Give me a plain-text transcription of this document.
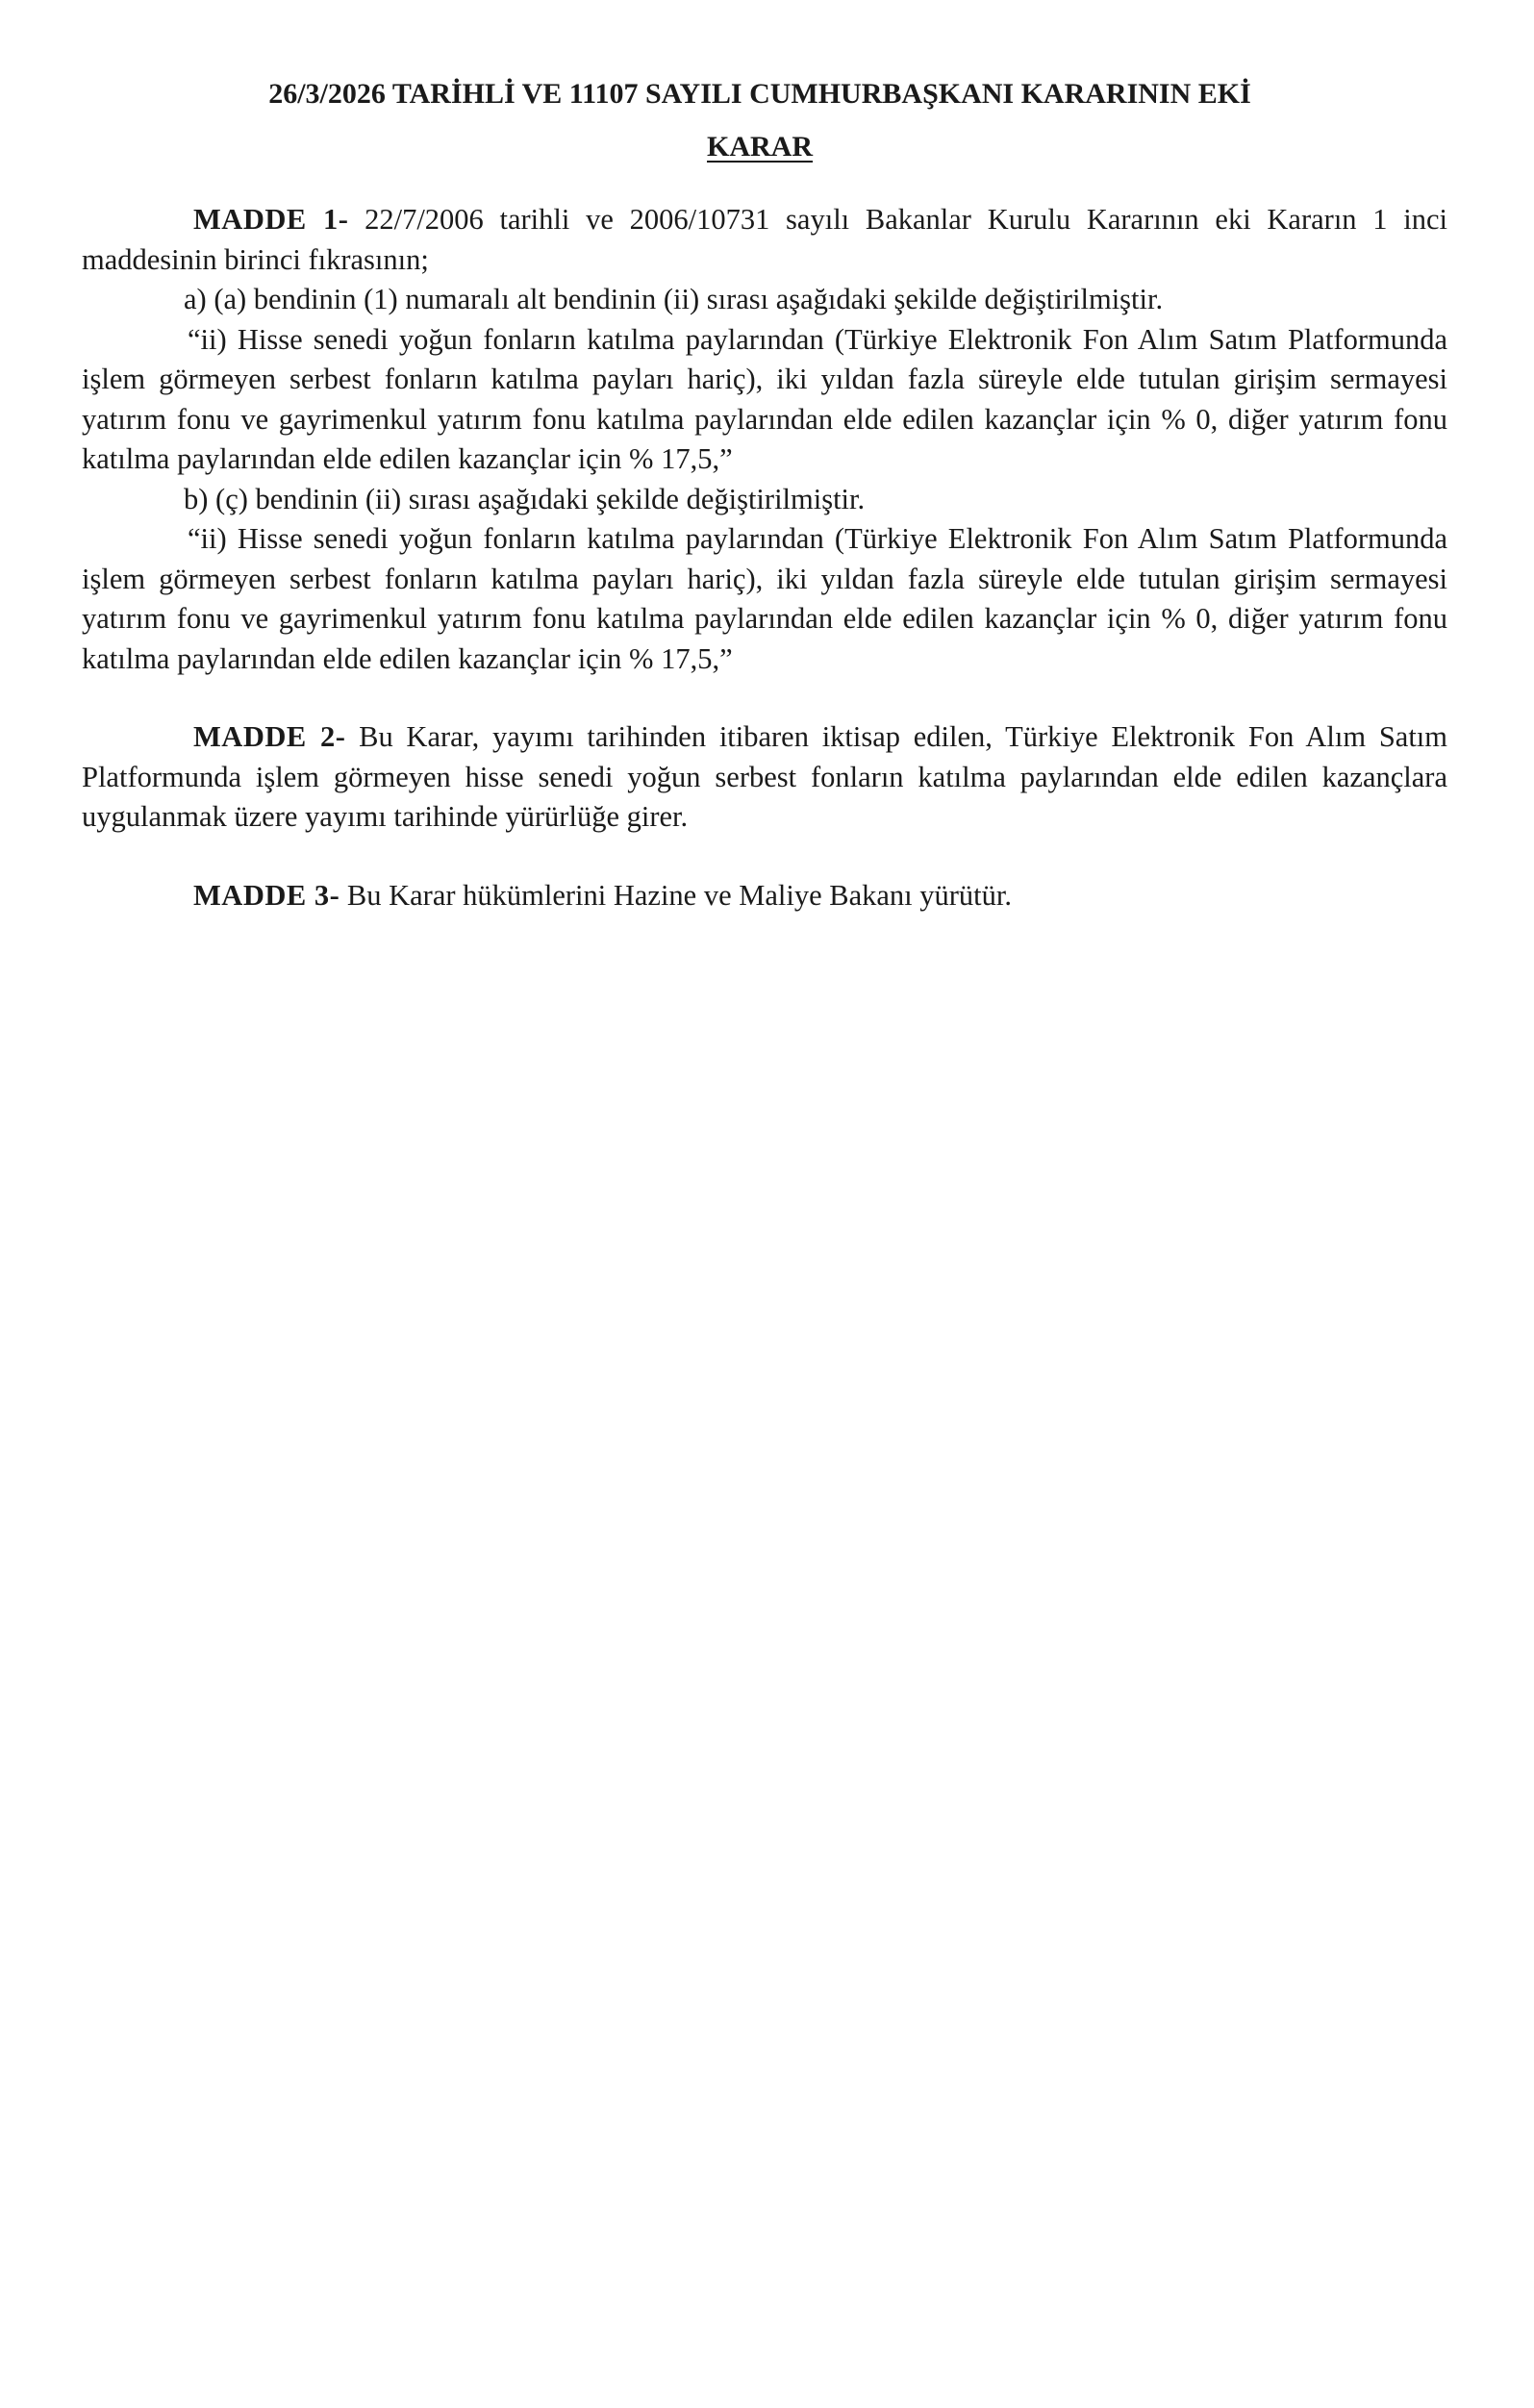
26/3/2026 TARİHLİ VE 11107 SAYILI CUMHURBAŞKANI KARARININ EKİ
KARAR

MADDE 1- 22/7/2006 tarihli ve 2006/10731 sayılı Bakanlar Kurulu Kararının eki Kararın 1 inci maddesinin birinci fıkrasının;

a) (a) bendinin (1) numaralı alt bendinin (ii) sırası aşağıdaki şekilde değiştirilmiştir.

“ii) Hisse senedi yoğun fonların katılma paylarından (Türkiye Elektronik Fon Alım Satım Platformunda işlem görmeyen serbest fonların katılma payları hariç), iki yıldan fazla süreyle elde tutulan girişim sermayesi yatırım fonu ve gayrimenkul yatırım fonu katılma paylarından elde edilen kazançlar için % 0, diğer yatırım fonu katılma paylarından elde edilen kazançlar için % 17,5,”

b) (ç) bendinin (ii) sırası aşağıdaki şekilde değiştirilmiştir.

“ii) Hisse senedi yoğun fonların katılma paylarından (Türkiye Elektronik Fon Alım Satım Platformunda işlem görmeyen serbest fonların katılma payları hariç), iki yıldan fazla süreyle elde tutulan girişim sermayesi yatırım fonu ve gayrimenkul yatırım fonu katılma paylarından elde edilen kazançlar için % 0, diğer yatırım fonu katılma paylarından elde edilen kazançlar için % 17,5,”

MADDE 2- Bu Karar, yayımı tarihinden itibaren iktisap edilen, Türkiye Elektronik Fon Alım Satım Platformunda işlem görmeyen hisse senedi yoğun serbest fonların katılma paylarından elde edilen kazançlara uygulanmak üzere yayımı tarihinde yürürlüğe girer.

MADDE 3- Bu Karar hükümlerini Hazine ve Maliye Bakanı yürütür.
